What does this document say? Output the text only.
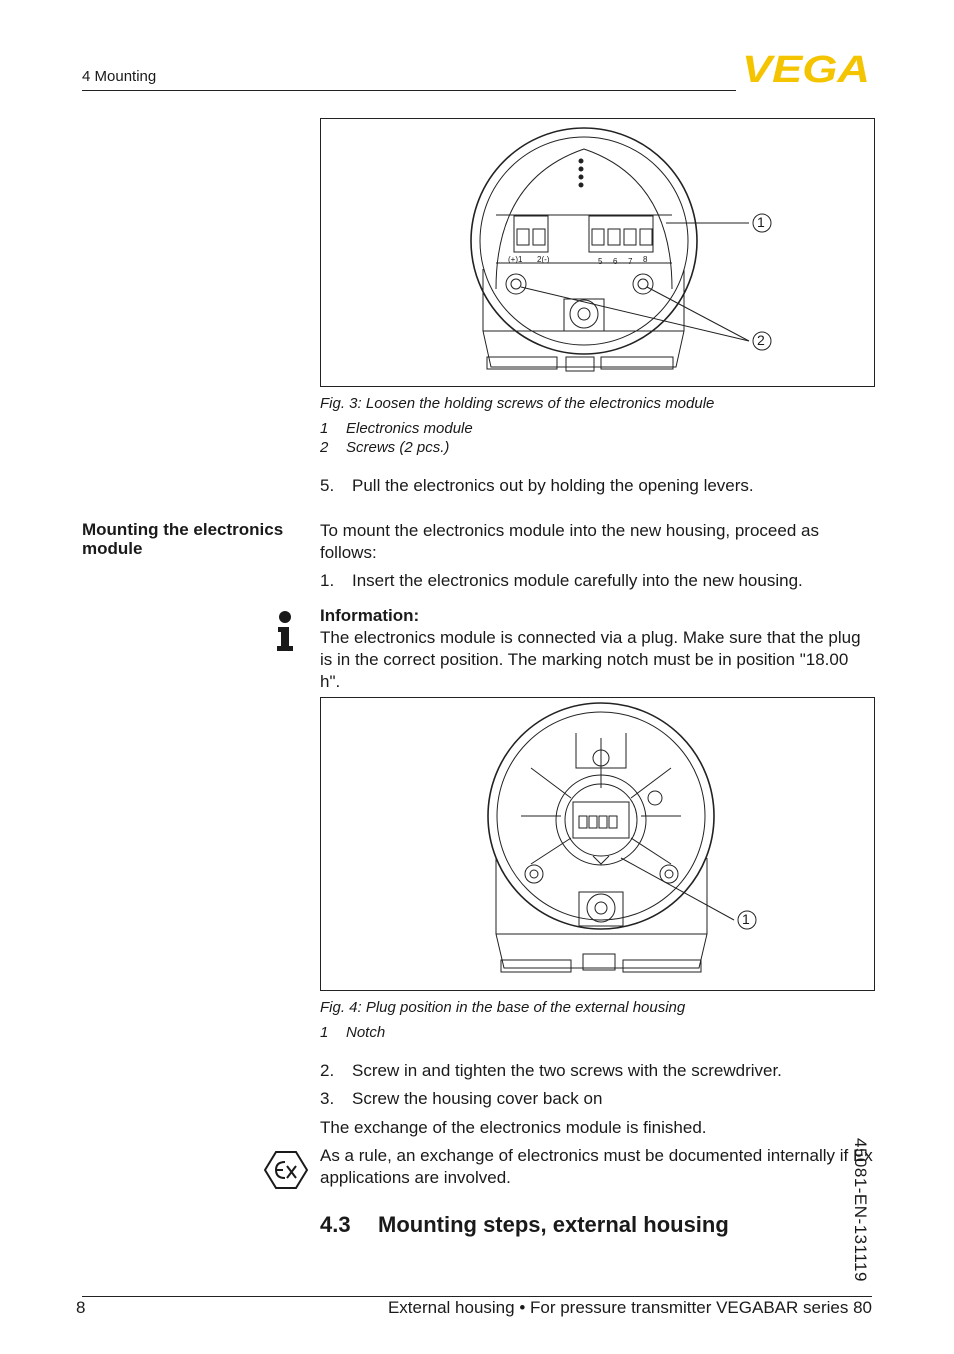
4 Mounting	VEGA
1
2
(+)1 2(-)	5 6 7 8
Fig. 3: Loosen the holding screws of the electronics module
1 Electronics module
2 Screws (2 pcs.)
5. Pull the electronics out by holding the opening levers.
Mounting the electronics module
To mount the electronics module into the new housing, proceed as follows:
1. Insert the electronics module carefully into the new housing.
Information:
The electronics module is connected via a plug. Make sure that the plug is in the correct position. The marking notch must be in position "18.00 h".
1
Fig. 4: Plug position in the base of the external housing
1 Notch
2. Screw in and tighten the two screws with the screwdriver.
3. Screw the housing cover back on
The exchange of the electronics module is finished.
As a rule, an exchange of electronics must be documented internally if Ex applications are involved.
4.3 Mounting steps, external housing	45081-EN-131119
8	External housing • For pressure transmitter VEGABAR series 80
